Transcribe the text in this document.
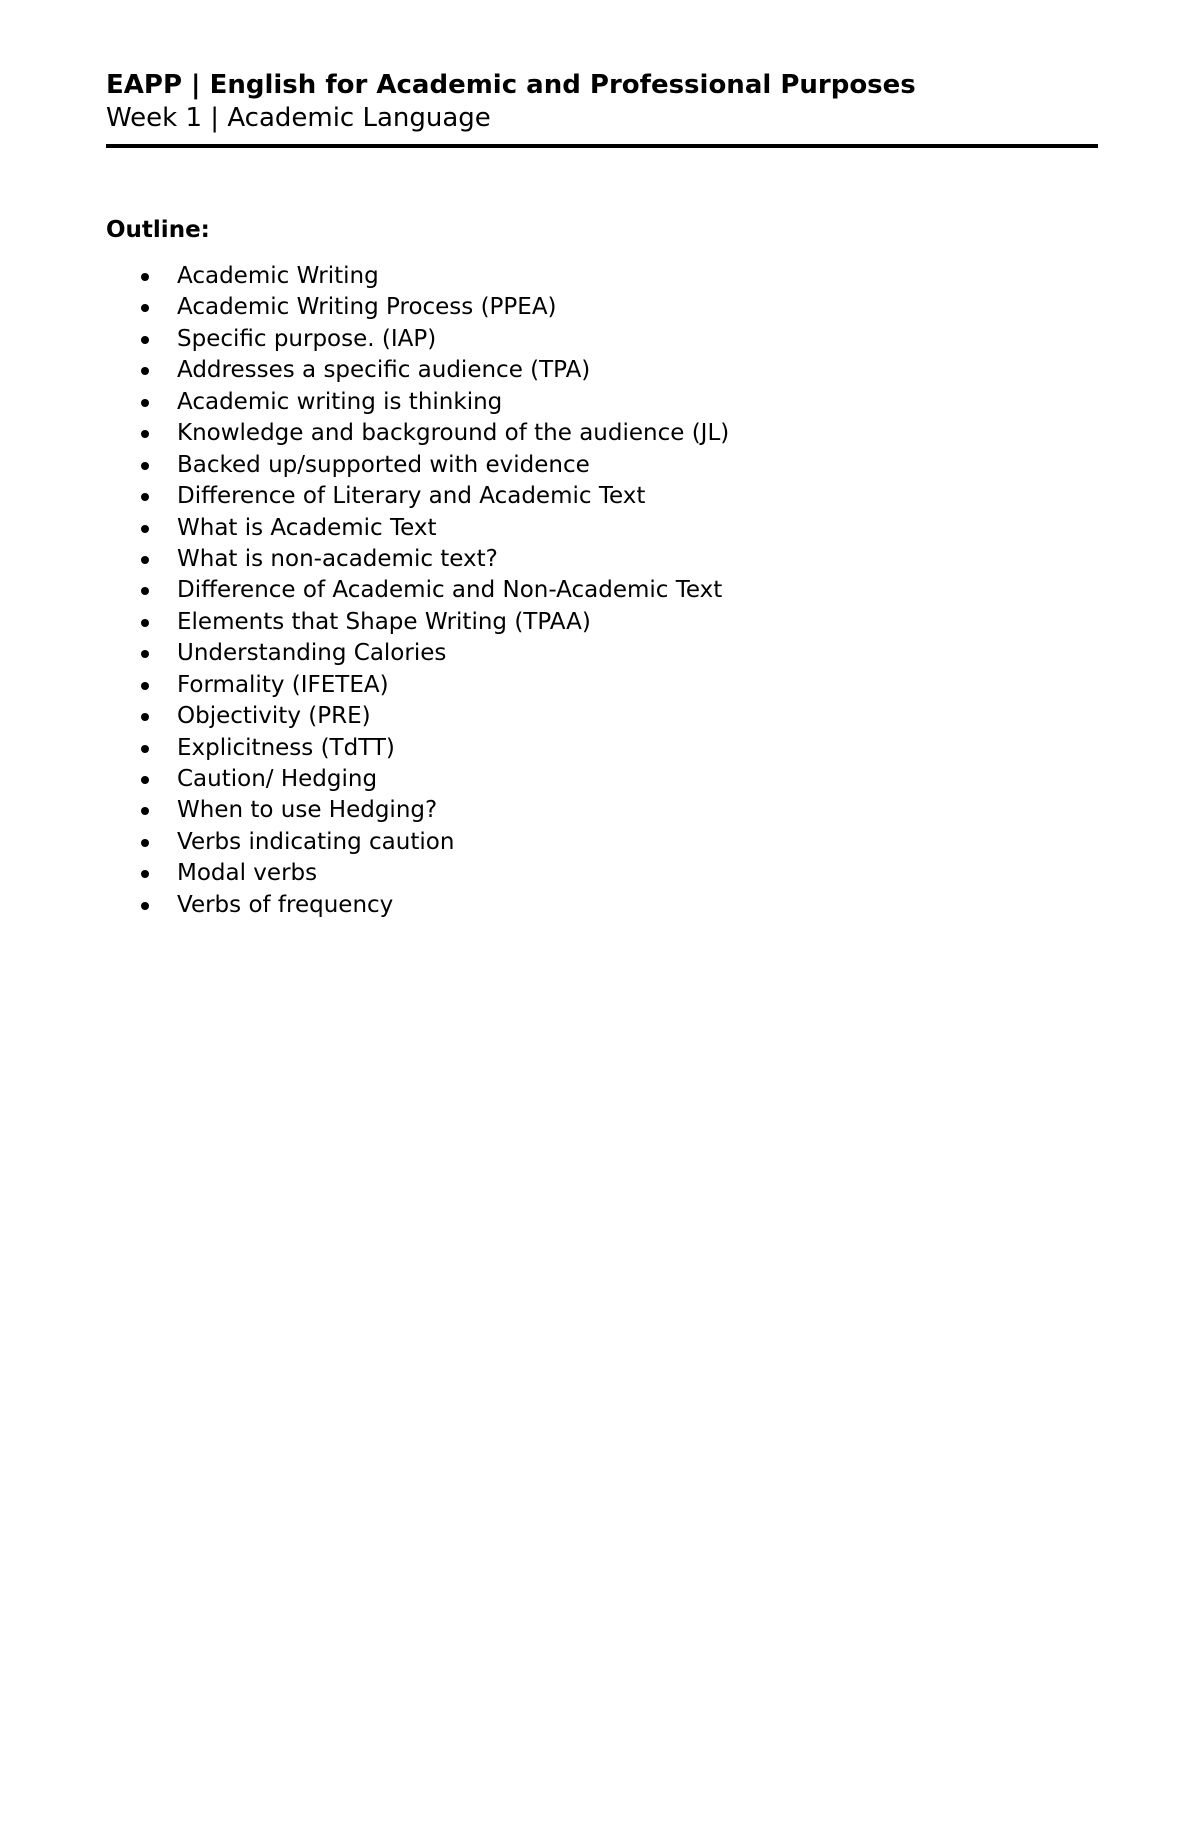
EAPP | English for Academic and Professional Purposes
Week 1 | Academic Language

Outline:

Academic Writing
Academic Writing Process (PPEA)
Specific purpose. (IAP)
Addresses a specific audience (TPA)
Academic writing is thinking
Knowledge and background of the audience (JL)
Backed up/supported with evidence
Difference of Literary and Academic Text
What is Academic Text
What is non-academic text?
Difference of Academic and Non-Academic Text
Elements that Shape Writing (TPAA)
Understanding Calories
Formality (IFETEA)
Objectivity (PRE)
Explicitness (TdTT)
Caution/ Hedging
When to use Hedging?
Verbs indicating caution
Modal verbs
Verbs of frequency
